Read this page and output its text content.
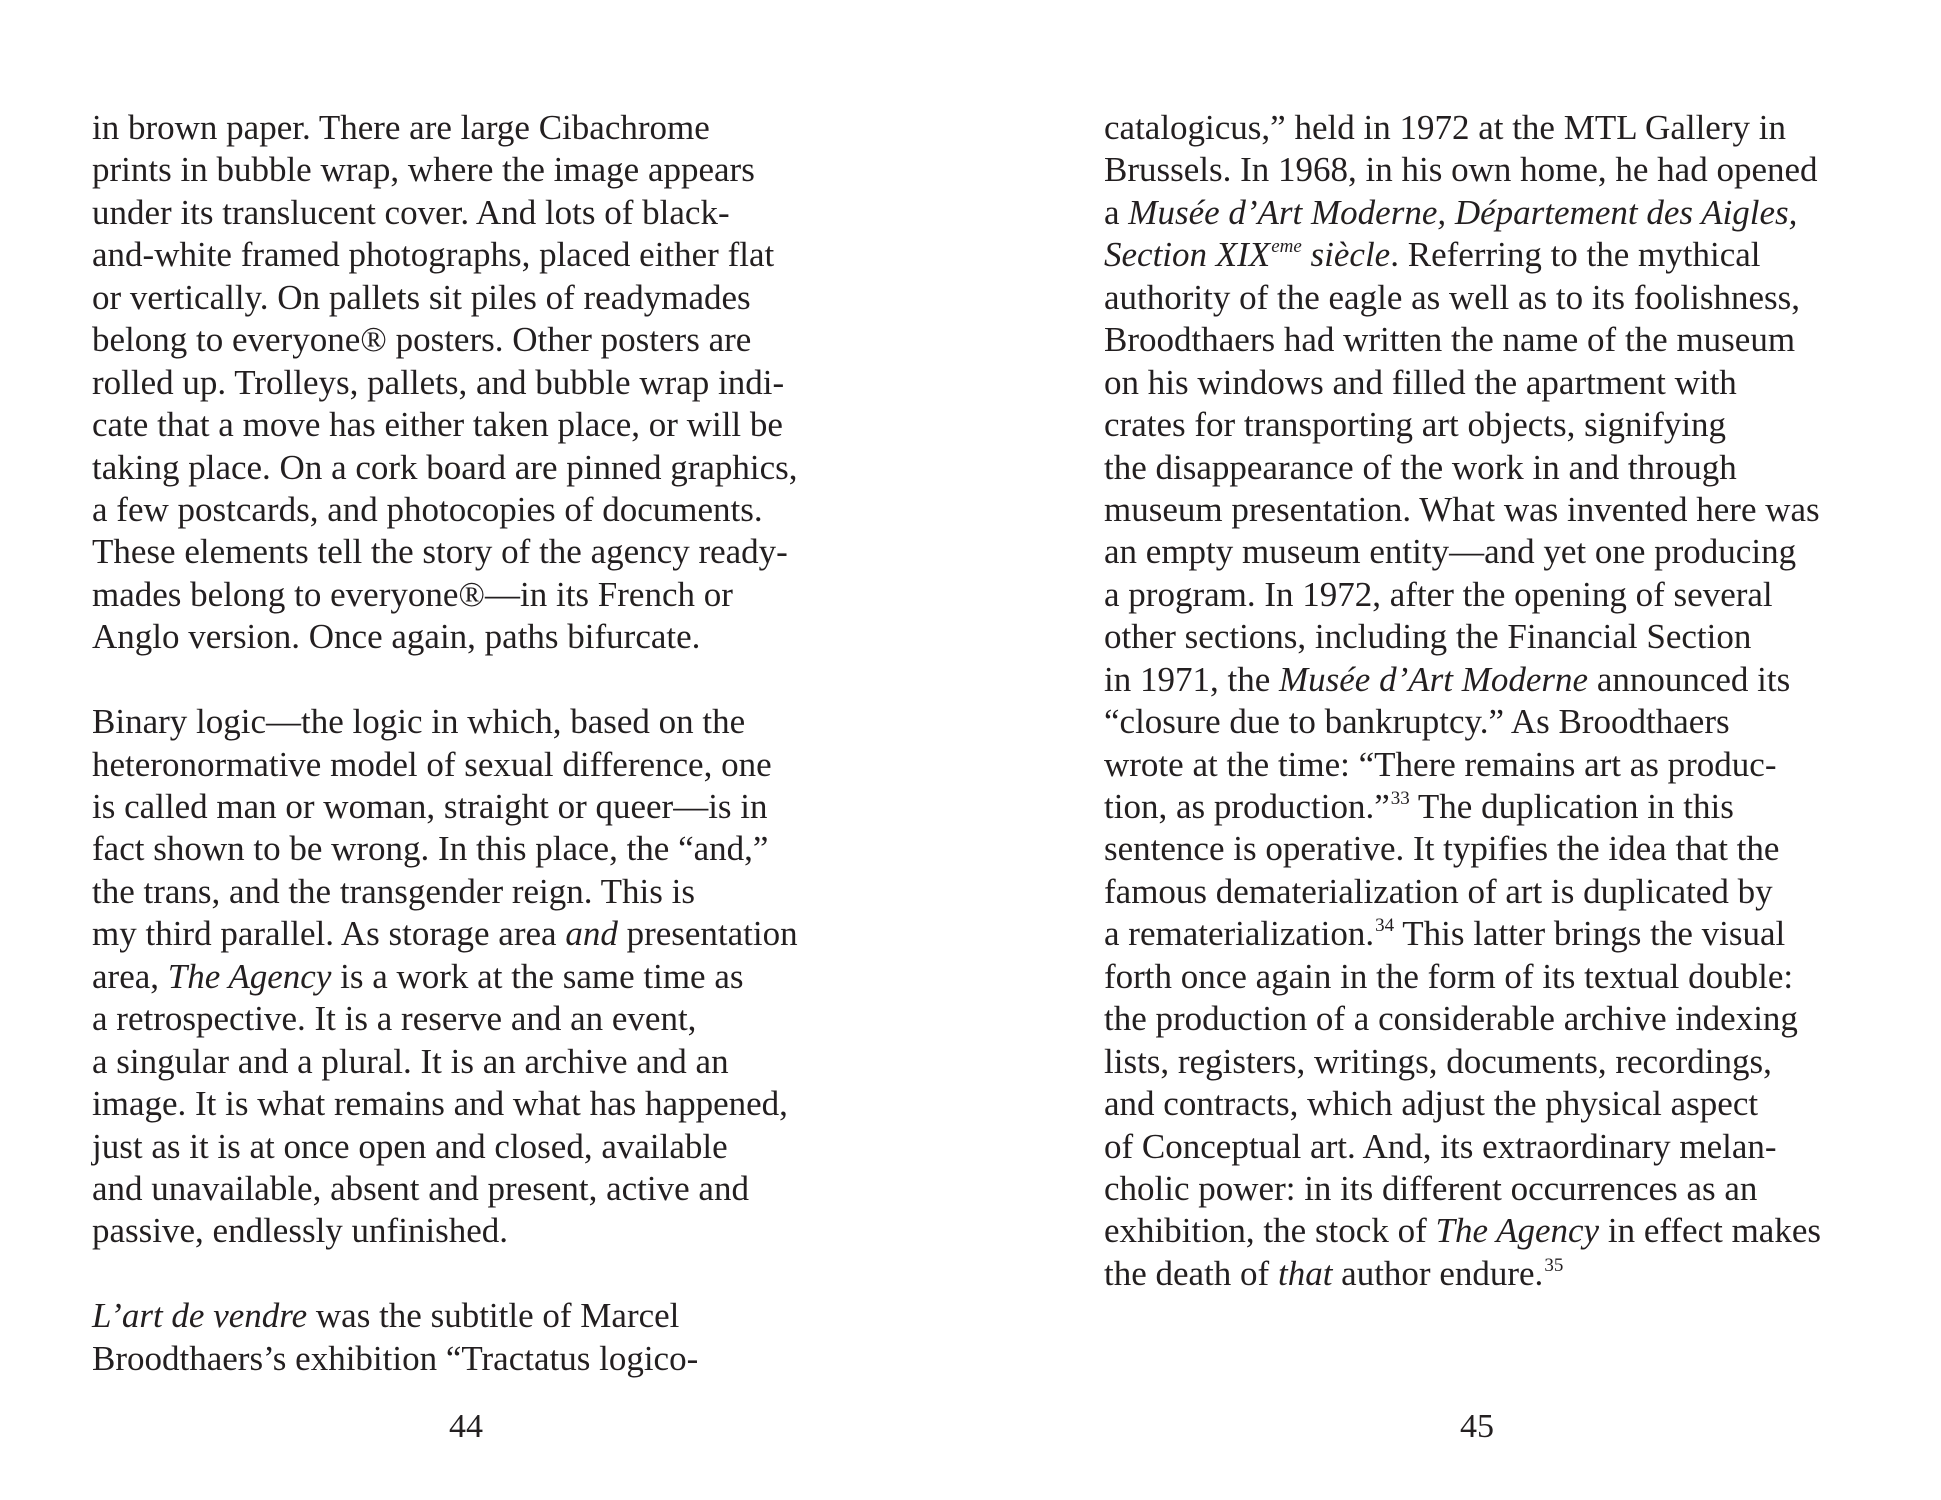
in brown paper. There are large Cibachrome
prints in bubble wrap, where the image appears
under its translucent cover. And lots of black-
and-white framed photographs, placed either flat
or vertically. On pallets sit piles of readymades
belong to everyone® posters. Other posters are
rolled up. Trolleys, pallets, and bubble wrap indi-
cate that a move has either taken place, or will be
taking place. On a cork board are pinned graphics,
a few postcards, and photocopies of documents.
These elements tell the story of the agency ready-
mades belong to everyone®—in its French or
Anglo version. Once again, paths bifurcate.
Binary logic—the logic in which, based on the
heteronormative model of sexual difference, one
is called man or woman, straight or queer—is in
fact shown to be wrong. In this place, the “and,”
the trans, and the transgender reign. This is
my third parallel. As storage area and presentation
area, The Agency is a work at the same time as
a retrospective. It is a reserve and an event,
a singular and a plural. It is an archive and an
image. It is what remains and what has happened,
just as it is at once open and closed, available
and unavailable, absent and present, active and
passive, endlessly unfinished.
L’art de vendre was the subtitle of Marcel
Broodthaers’s exhibition “Tractatus logico-
44
catalogicus,” held in 1972 at the MTL Gallery in
Brussels. In 1968, in his own home, he had opened
a Musée d’Art Moderne, Département des Aigles,
Section XIXeme siècle. Referring to the mythical
authority of the eagle as well as to its foolishness,
Broodthaers had written the name of the museum
on his windows and filled the apartment with
crates for transporting art objects, signifying
the disappearance of the work in and through
museum presentation. What was invented here was
an empty museum entity—and yet one producing
a program. In 1972, after the opening of several
other sections, including the Financial Section
in 1971, the Musée d’Art Moderne announced its
“closure due to bankruptcy.” As Broodthaers
wrote at the time: “There remains art as produc-
tion, as production.”$^{33}$ The duplication in this
sentence is operative. It typifies the idea that the
famous dematerialization of art is duplicated by
a rematerialization.$^{34}$ This latter brings the visual
forth once again in the form of its textual double:
the production of a considerable archive indexing
lists, registers, writings, documents, recordings,
and contracts, which adjust the physical aspect
of Conceptual art. And, its extraordinary melan-
cholic power: in its different occurrences as an
exhibition, the stock of The Agency in effect makes
the death of that author endure.$^{35}$
45
